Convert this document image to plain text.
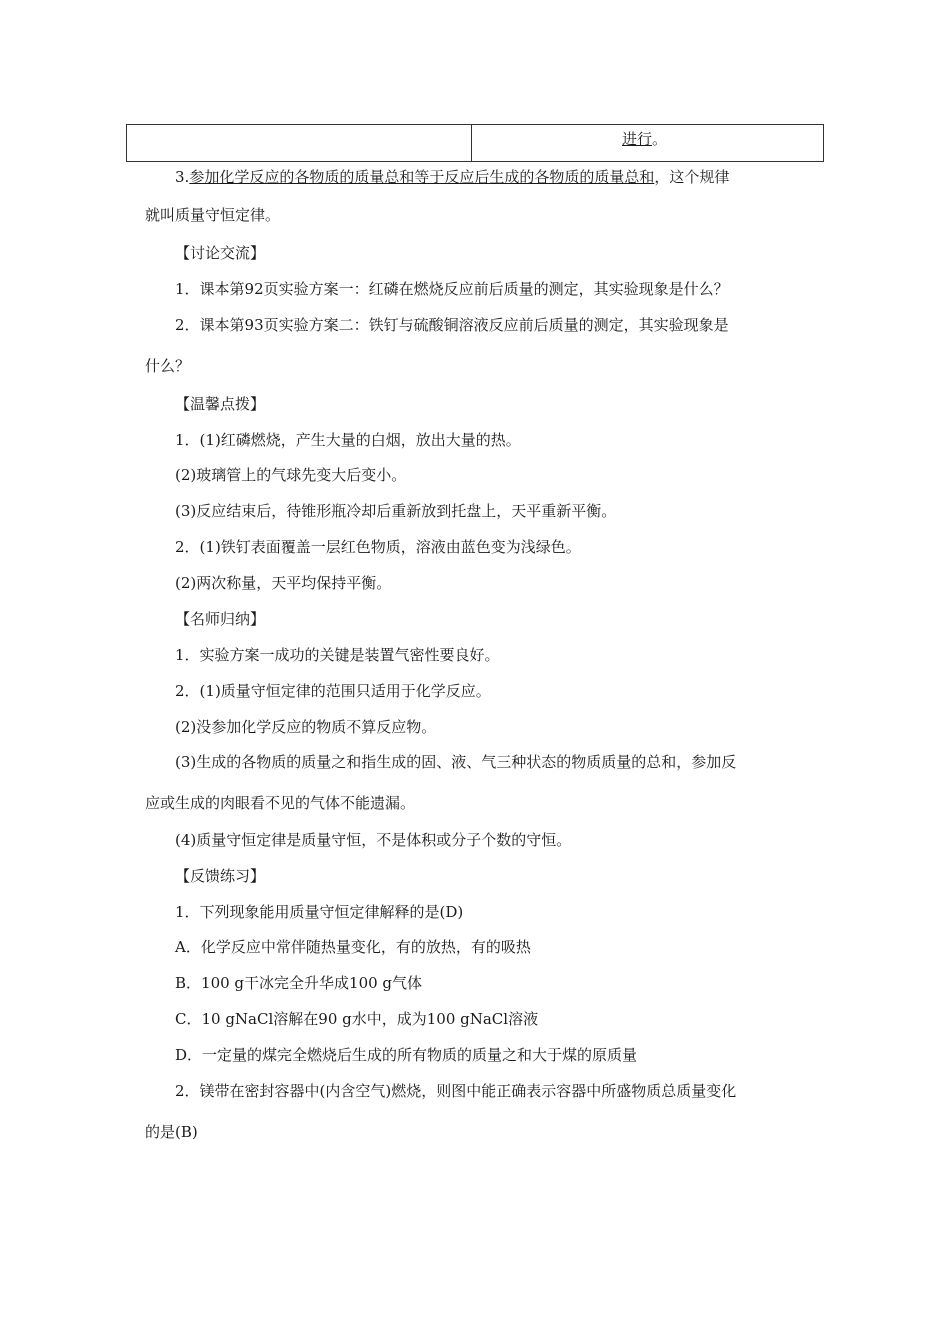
	进行。
3.参加化学反应的各物质的质量总和等于反应后生成的各物质的质量总和，这个规律
就叫质量守恒定律。
【讨论交流】
1．课本第92页实验方案一：红磷在燃烧反应前后质量的测定，其实验现象是什么？
2．课本第93页实验方案二：铁钉与硫酸铜溶液反应前后质量的测定，其实验现象是
什么？
【温馨点拨】
1．(1)红磷燃烧，产生大量的白烟，放出大量的热。
(2)玻璃管上的气球先变大后变小。
(3)反应结束后，待锥形瓶冷却后重新放到托盘上，天平重新平衡。
2．(1)铁钉表面覆盖一层红色物质，溶液由蓝色变为浅绿色。
(2)两次称量，天平均保持平衡。
【名师归纳】
1．实验方案一成功的关键是装置气密性要良好。
2．(1)质量守恒定律的范围只适用于化学反应。
(2)没参加化学反应的物质不算反应物。
(3)生成的各物质的质量之和指生成的固、液、气三种状态的物质质量的总和，参加反
应或生成的肉眼看不见的气体不能遗漏。
(4)质量守恒定律是质量守恒，不是体积或分子个数的守恒。
【反馈练习】
1．下列现象能用质量守恒定律解释的是(D)
A．化学反应中常伴随热量变化，有的放热，有的吸热
B．100 g干冰完全升华成100 g气体
C．10 gNaCl溶解在90 g水中，成为100 gNaCl溶液
D．一定量的煤完全燃烧后生成的所有物质的质量之和大于煤的原质量
2．镁带在密封容器中(内含空气)燃烧，则图中能正确表示容器中所盛物质总质量变化
的是(B)
